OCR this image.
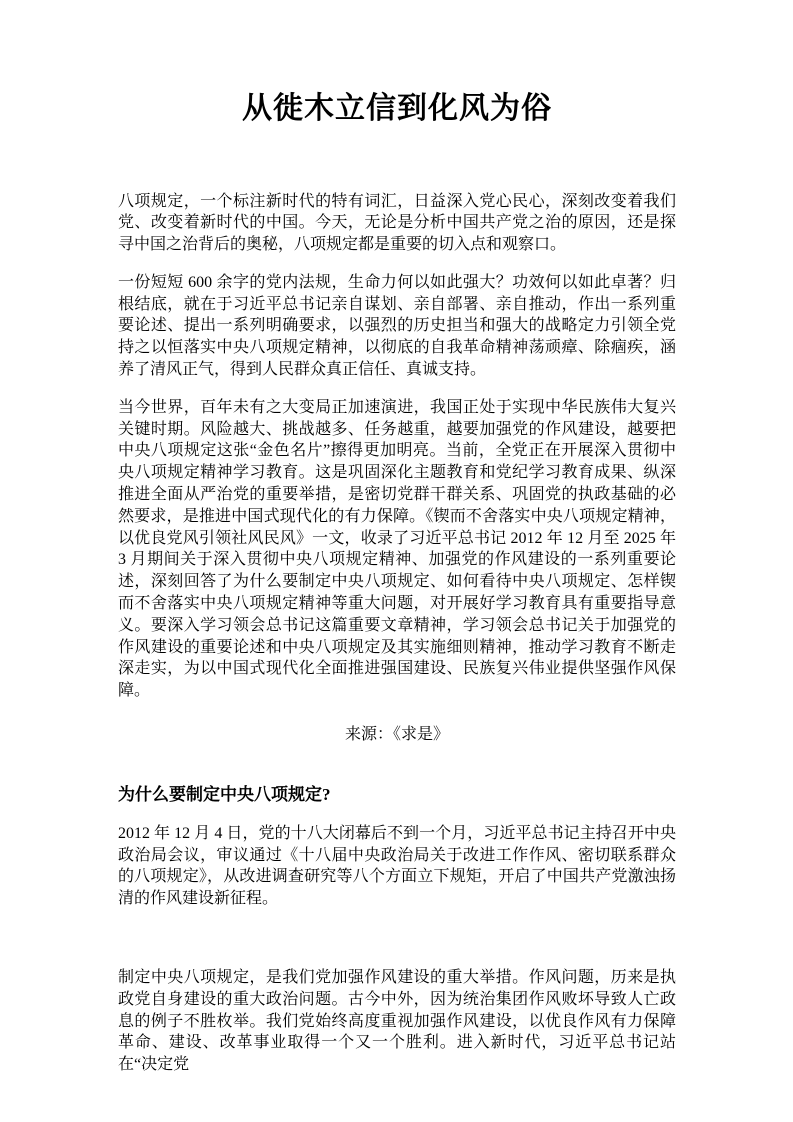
从徙木立信到化风为俗

八项规定，一个标注新时代的特有词汇，日益深入党心民心，深刻改变着我们党、改变着新时代的中国。今天，无论是分析中国共产党之治的原因，还是探寻中国之治背后的奥秘，八项规定都是重要的切入点和观察口。

一份短短 600 余字的党内法规，生命力何以如此强大？功效何以如此卓著？归根结底，就在于习近平总书记亲自谋划、亲自部署、亲自推动，作出一系列重要论述、提出一系列明确要求，以强烈的历史担当和强大的战略定力引领全党持之以恒落实中央八项规定精神，以彻底的自我革命精神荡顽瘴、除痼疾，涵养了清风正气，得到人民群众真正信任、真诚支持。

当今世界，百年未有之大变局正加速演进，我国正处于实现中华民族伟大复兴关键时期。风险越大、挑战越多、任务越重，越要加强党的作风建设，越要把中央八项规定这张“金色名片”擦得更加明亮。当前，全党正在开展深入贯彻中央八项规定精神学习教育。这是巩固深化主题教育和党纪学习教育成果、纵深推进全面从严治党的重要举措，是密切党群干群关系、巩固党的执政基础的必然要求，是推进中国式现代化的有力保障。《锲而不舍落实中央八项规定精神，以优良党风引领社风民风》一文，收录了习近平总书记 2012 年 12 月至 2025 年 3 月期间关于深入贯彻中央八项规定精神、加强党的作风建设的一系列重要论述，深刻回答了为什么要制定中央八项规定、如何看待中央八项规定、怎样锲而不舍落实中央八项规定精神等重大问题，对开展好学习教育具有重要指导意义。要深入学习领会总书记这篇重要文章精神，学习领会总书记关于加强党的作风建设的重要论述和中央八项规定及其实施细则精神，推动学习教育不断走深走实，为以中国式现代化全面推进强国建设、民族复兴伟业提供坚强作风保障。

来源：《求是》

为什么要制定中央八项规定?

2012 年 12 月 4 日，党的十八大闭幕后不到一个月，习近平总书记主持召开中央政治局会议，审议通过《十八届中央政治局关于改进工作作风、密切联系群众的八项规定》，从改进调查研究等八个方面立下规矩，开启了中国共产党激浊扬清的作风建设新征程。

制定中央八项规定，是我们党加强作风建设的重大举措。作风问题，历来是执政党自身建设的重大政治问题。古今中外，因为统治集团作风败坏导致人亡政息的例子不胜枚举。我们党始终高度重视加强作风建设，以优良作风有力保障革命、建设、改革事业取得一个又一个胜利。进入新时代，习近平总书记站在“决定党
